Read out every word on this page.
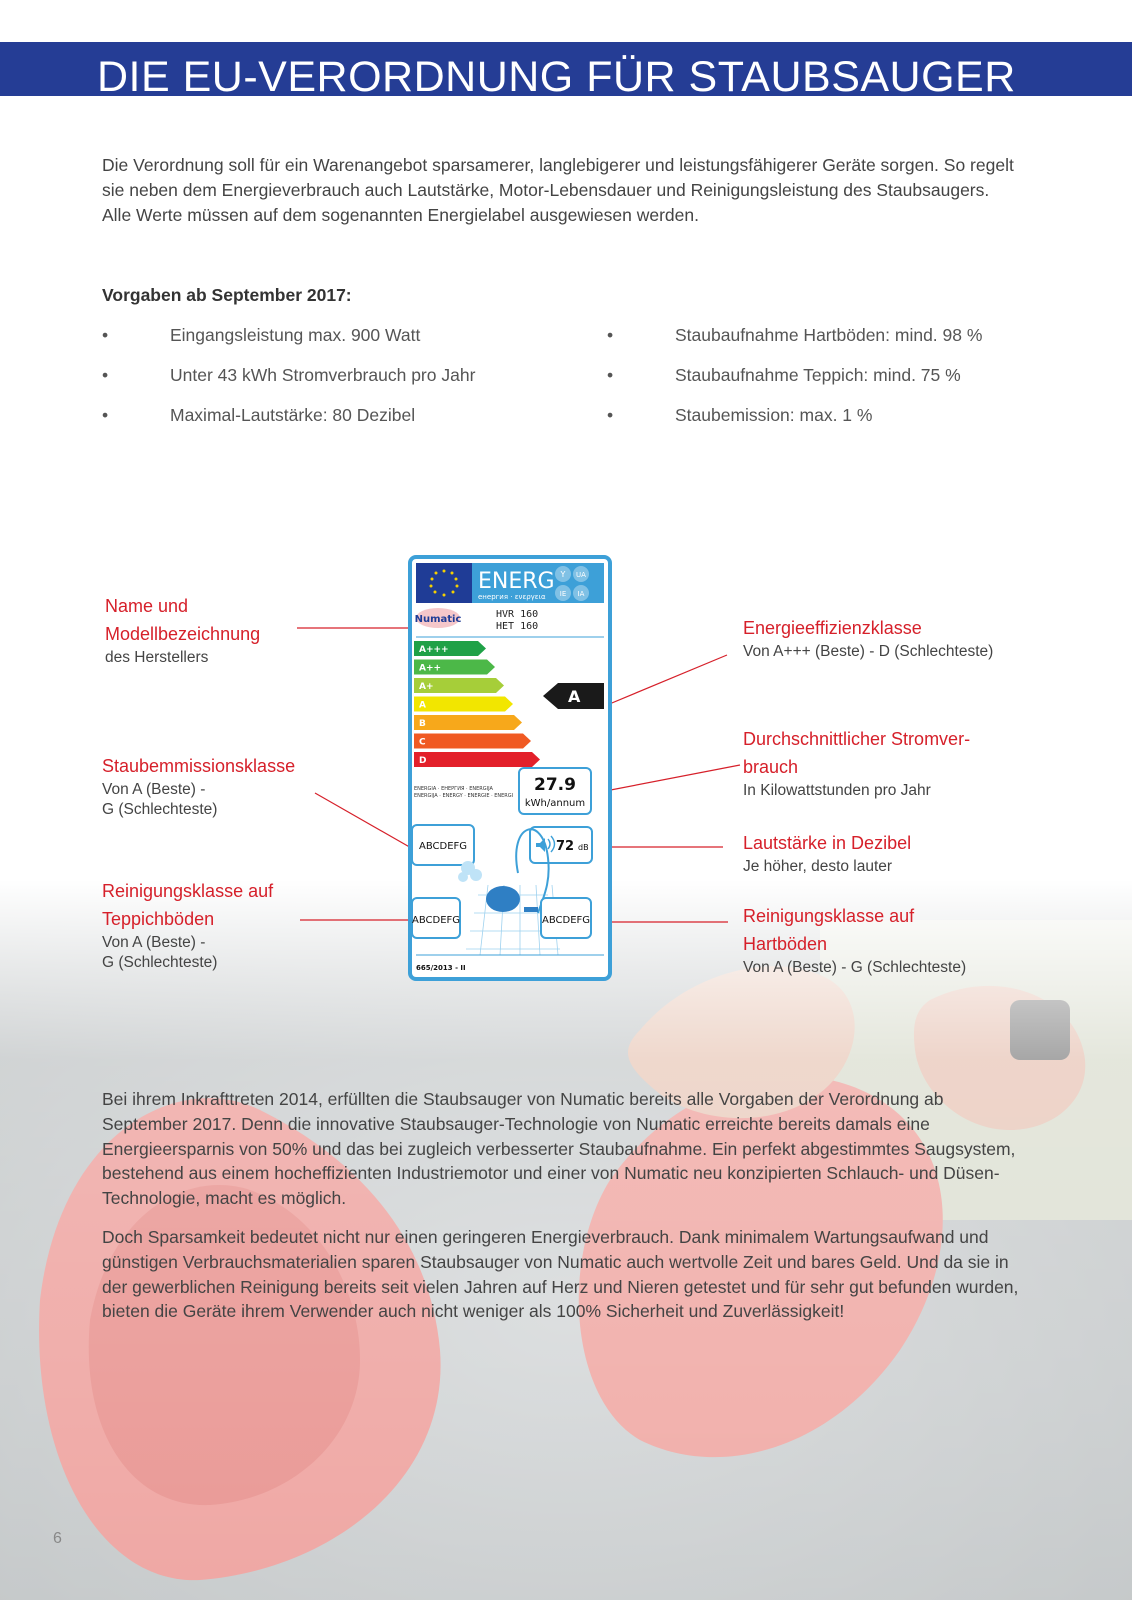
DIE EU-VERORDNUNG FÜR STAUBSAUGER

Die Verordnung soll für ein Warenangebot sparsamerer, langlebigerer und leistungsfähigerer Geräte sorgen. So regelt sie neben dem Energieverbrauch auch Lautstärke, Motor-Lebensdauer und Reinigungsleistung des Staubsaugers. Alle Werte müssen auf dem sogenannten Energielabel ausgewiesen werden.

Vorgaben ab September 2017:
•	Eingangsleistung max. 900 Watt
•	Unter 43 kWh Stromverbrauch pro Jahr
•	Maximal-Lautstärke: 80 Dezibel
•	Staubaufnahme Hartböden: mind. 98 %
•	Staubaufnahme Teppich: mind. 75 %
•	Staubemission: max. 1 %
Name und
Modellbezeichnung
des Herstellers
Energieeffizienzklasse
Von A+++ (Beste) - D (Schlechteste)
Durchschnittlicher Stromver-
brauch
In Kilowattstunden pro Jahr
Staubemmissionsklasse
Von A (Beste) -
G (Schlechteste)
Lautstärke in Dezibel
Je höher, desto lauter
Reinigungsklasse auf
Teppichböden
Von A (Beste) -
G (Schlechteste)
Reinigungsklasse auf
Hartböden
Von A (Beste) - G (Schlechteste)
ENERG
енергия · ενεργεια
Y UA
IE IA
Numatic	HVR 160
HET 160
A+++
A++
A+
A
B
C
D
A
ENERGIA · ЕНЕРГИЯ · ENERGIJA
ENERGIJA · ENERGY · ENERGIE · ENERGI
27.9
kWh/annum
ABCDEFG	72 dB
ABCDEFG	ABCDEFG
665/2013 - II

Bei ihrem Inkrafttreten 2014, erfüllten die Staubsauger von Numatic bereits alle Vorgaben der Verordnung ab September 2017. Denn die innovative Staubsauger-Technologie von Numatic erreichte bereits damals eine Energieersparnis von 50% und das bei zugleich verbesserter Staubaufnahme. Ein perfekt abgestimmtes Saugsystem, bestehend aus einem hocheffizienten Industriemotor und einer von Numatic neu konzipierten Schlauch- und Düsen-Technologie, macht es möglich.

Doch Sparsamkeit bedeutet nicht nur einen geringeren Energieverbrauch. Dank minimalem Wartungsaufwand und günstigen Verbrauchsmaterialien sparen Staubsauger von Numatic auch wertvolle Zeit und bares Geld. Und da sie in der gewerblichen Reinigung bereits seit vielen Jahren auf Herz und Nieren getestet und für sehr gut befunden wurden, bieten die Geräte ihrem Verwender auch nicht weniger als 100% Sicherheit und Zuverlässigkeit!

6
